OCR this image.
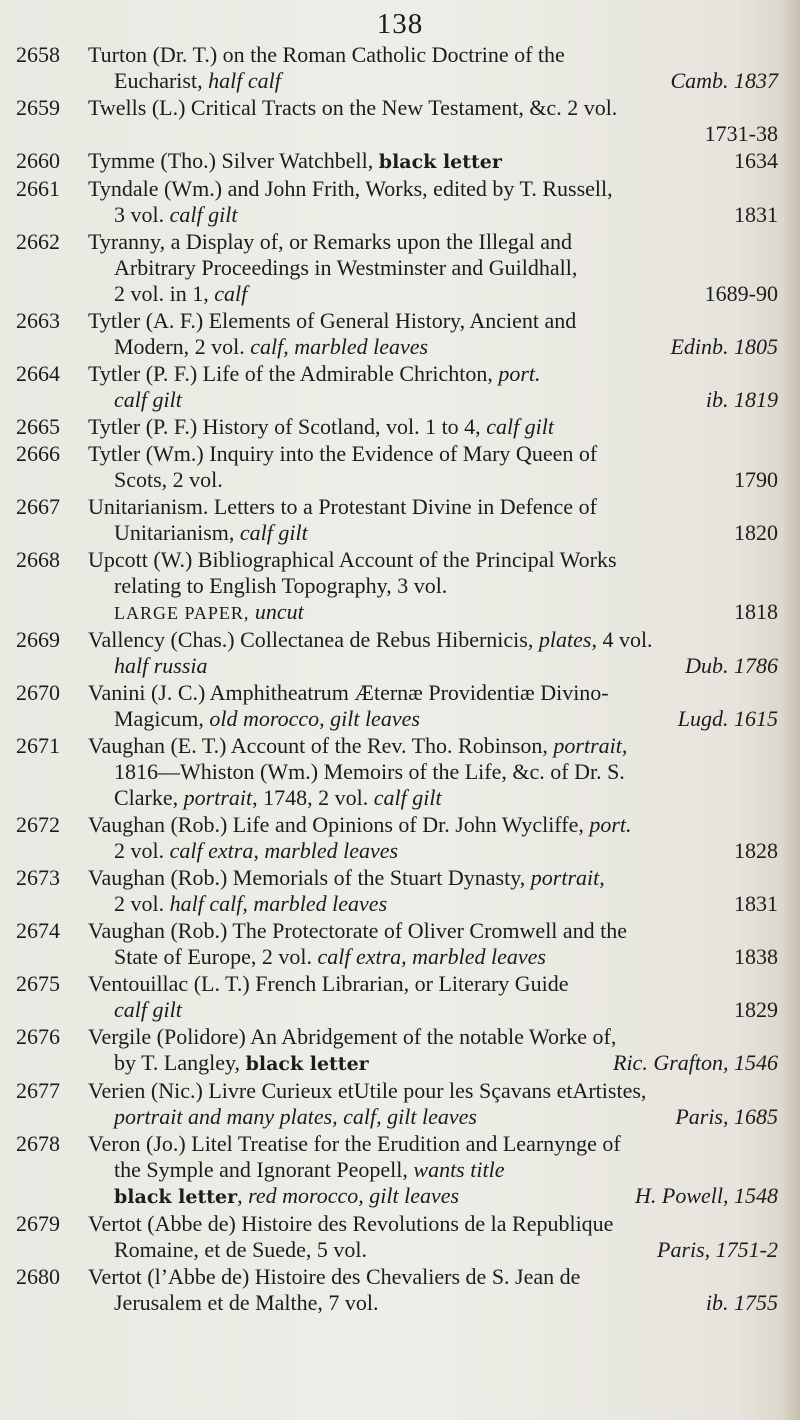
138
2658	Turton (Dr. T.) on the Roman Catholic Doctrine of the
Eucharist, half calf	Camb. 1837
2659	Twells (L.) Critical Tracts on the New Testament, &c. 2 vol.
1731-38
2660	Tymme (Tho.) Silver Watchbell, black letter	1634
2661	Tyndale (Wm.) and John Frith, Works, edited by T. Russell,
3 vol. calf gilt	1831
2662	Tyranny, a Display of, or Remarks upon the Illegal and
Arbitrary Proceedings in Westminster and Guildhall,
2 vol. in 1, calf	1689-90
2663	Tytler (A. F.) Elements of General History, Ancient and
Modern, 2 vol. calf, marbled leaves	Edinb. 1805
2664	Tytler (P. F.) Life of the Admirable Chrichton, port.
calf gilt	ib. 1819
2665	Tytler (P. F.) History of Scotland, vol. 1 to 4, calf gilt
2666	Tytler (Wm.) Inquiry into the Evidence of Mary Queen of
Scots, 2 vol.	1790
2667	Unitarianism. Letters to a Protestant Divine in Defence of
Unitarianism, calf gilt	1820
2668	Upcott (W.) Bibliographical Account of the Principal Works
relating to English Topography, 3 vol.
LARGE PAPER, uncut	1818
2669	Vallency (Chas.) Collectanea de Rebus Hibernicis, plates, 4 vol.
half russia	Dub. 1786
2670	Vanini (J. C.) Amphitheatrum Æternæ Providentiæ Divino-
Magicum, old morocco, gilt leaves	Lugd. 1615
2671	Vaughan (E. T.) Account of the Rev. Tho. Robinson, portrait,
1816—Whiston (Wm.) Memoirs of the Life, &c. of Dr. S.
Clarke, portrait, 1748, 2 vol. calf gilt
2672	Vaughan (Rob.) Life and Opinions of Dr. John Wycliffe, port.
2 vol. calf extra, marbled leaves	1828
2673	Vaughan (Rob.) Memorials of the Stuart Dynasty, portrait,
2 vol. half calf, marbled leaves	1831
2674	Vaughan (Rob.) The Protectorate of Oliver Cromwell and the
State of Europe, 2 vol. calf extra, marbled leaves	1838
2675	Ventouillac (L. T.) French Librarian, or Literary Guide
calf gilt	1829
2676	Vergile (Polidore) An Abridgement of the notable Worke of,
by T. Langley, black letter	Ric. Grafton, 1546
2677	Verien (Nic.) Livre Curieux etUtile pour les Sçavans etArtistes,
portrait and many plates, calf, gilt leaves	Paris, 1685
2678	Veron (Jo.) Litel Treatise for the Erudition and Learnynge of
the Symple and Ignorant Peopell, wants title
black letter, red morocco, gilt leaves	H. Powell, 1548
2679	Vertot (Abbe de) Histoire des Revolutions de la Republique
Romaine, et de Suede, 5 vol.	Paris, 1751-2
2680	Vertot (l’Abbe de) Histoire des Chevaliers de S. Jean de
Jerusalem et de Malthe, 7 vol.	ib. 1755
